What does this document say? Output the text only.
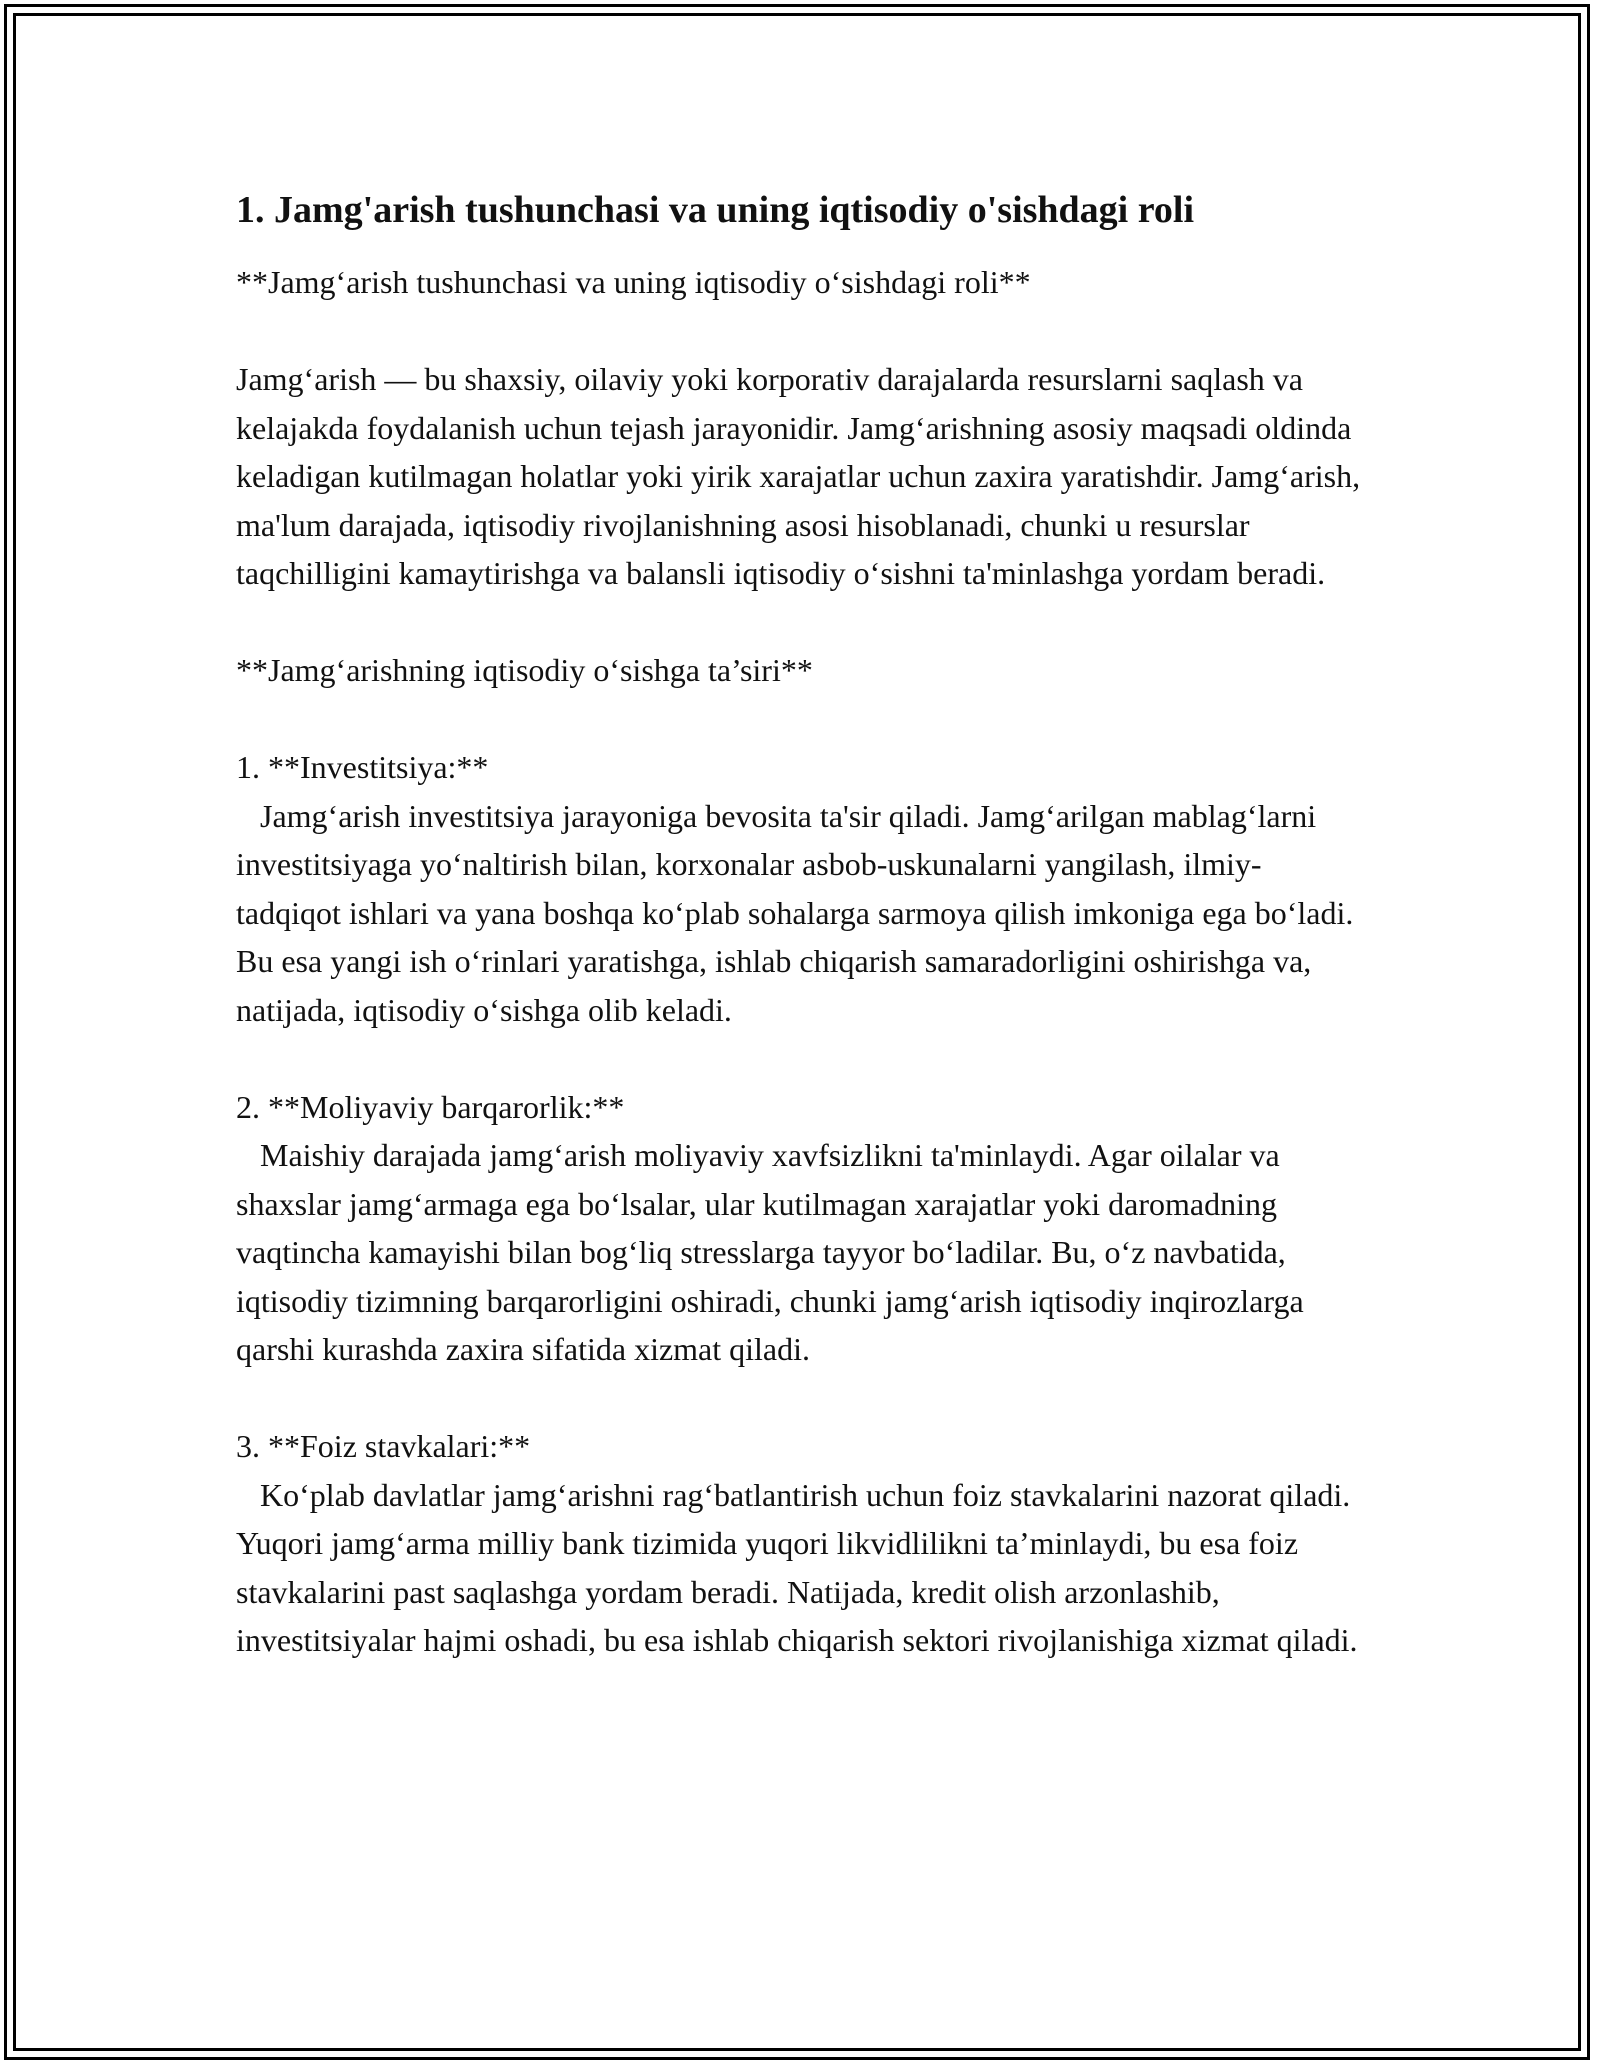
1. Jamg'arish tushunchasi va uning iqtisodiy o'sishdagi roli

**Jamg‘arish tushunchasi va uning iqtisodiy o‘sishdagi roli**

Jamg‘arish — bu shaxsiy, oilaviy yoki korporativ darajalarda resurslarni saqlash va kelajakda foydalanish uchun tejash jarayonidir. Jamg‘arishning asosiy maqsadi oldinda keladigan kutilmagan holatlar yoki yirik xarajatlar uchun zaxira yaratishdir. Jamg‘arish, ma'lum darajada, iqtisodiy rivojlanishning asosi hisoblanadi, chunki u resurslar taqchilligini kamaytirishga va balansli iqtisodiy o‘sishni ta'minlashga yordam beradi.

**Jamg‘arishning iqtisodiy o‘sishga ta’siri**

1. **Investitsiya:**

Jamg‘arish investitsiya jarayoniga bevosita ta'sir qiladi. Jamg‘arilgan mablag‘larni investitsiyaga yo‘naltirish bilan, korxonalar asbob-uskunalarni yangilash, ilmiy-tadqiqot ishlari va yana boshqa ko‘plab sohalarga sarmoya qilish imkoniga ega bo‘ladi. Bu esa yangi ish o‘rinlari yaratishga, ishlab chiqarish samaradorligini oshirishga va, natijada, iqtisodiy o‘sishga olib keladi.

2. **Moliyaviy barqarorlik:**

Maishiy darajada jamg‘arish moliyaviy xavfsizlikni ta'minlaydi. Agar oilalar va shaxslar jamg‘armaga ega bo‘lsalar, ular kutilmagan xarajatlar yoki daromadning vaqtincha kamayishi bilan bog‘liq stresslarga tayyor bo‘ladilar. Bu, o‘z navbatida, iqtisodiy tizimning barqarorligini oshiradi, chunki jamg‘arish iqtisodiy inqirozlarga qarshi kurashda zaxira sifatida xizmat qiladi.

3. **Foiz stavkalari:**

Ko‘plab davlatlar jamg‘arishni rag‘batlantirish uchun foiz stavkalarini nazorat qiladi. Yuqori jamg‘arma milliy bank tizimida yuqori likvidlilikni ta’minlaydi, bu esa foiz stavkalarini past saqlashga yordam beradi. Natijada, kredit olish arzonlashib, investitsiyalar hajmi oshadi, bu esa ishlab chiqarish sektori rivojlanishiga xizmat qiladi.
